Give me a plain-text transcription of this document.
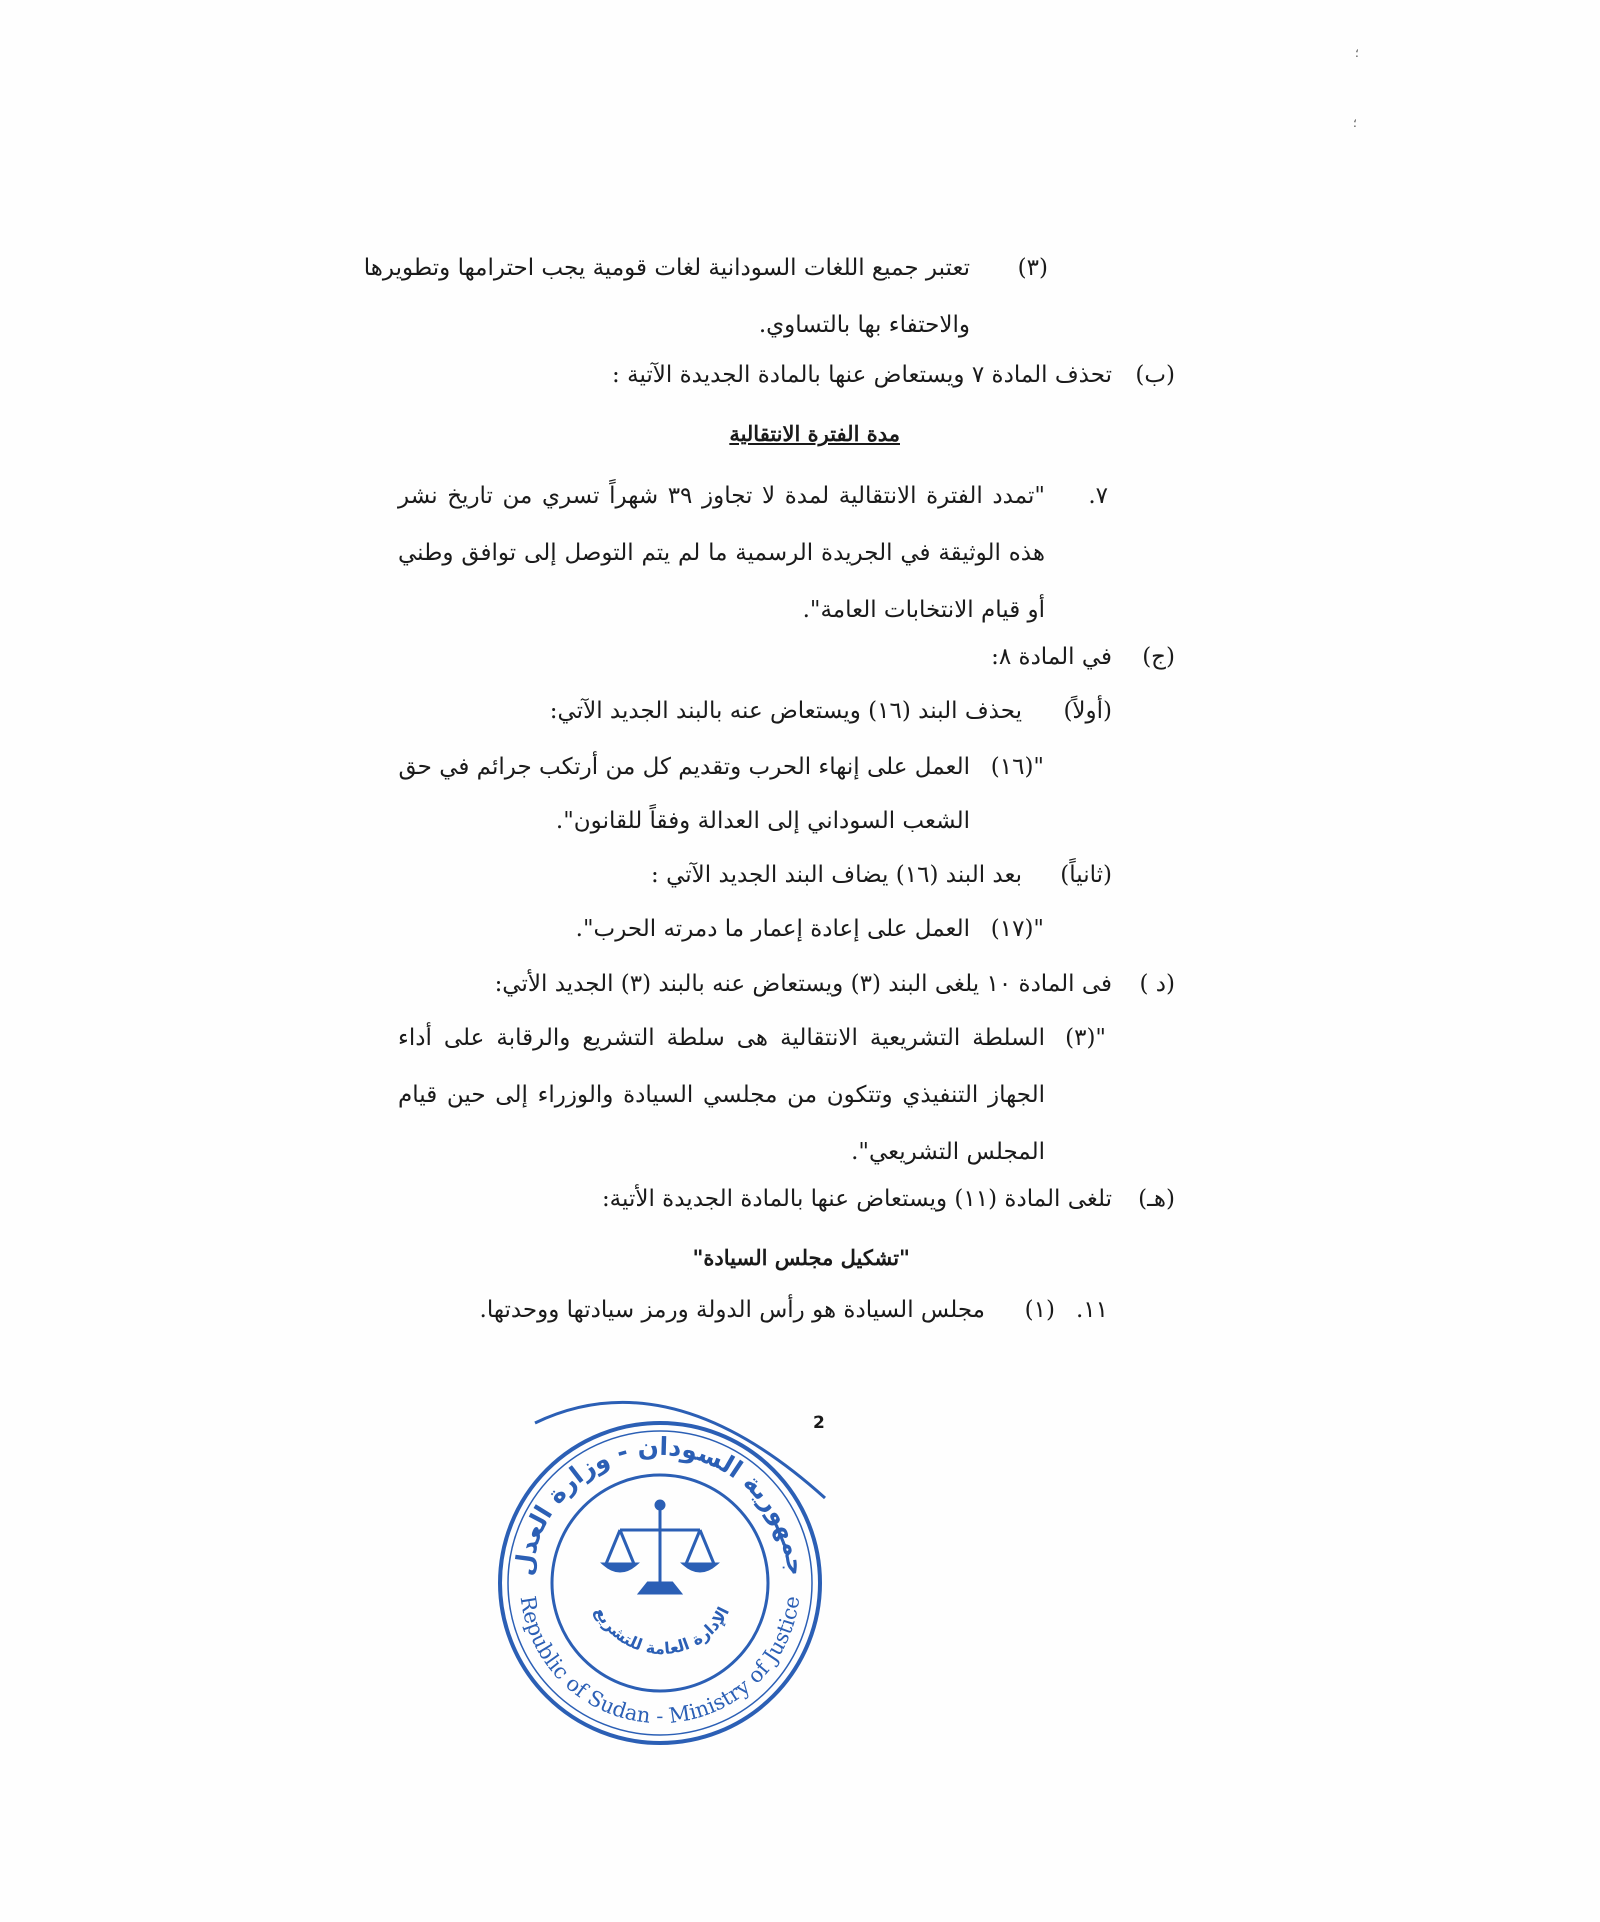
؛
؛
(٣)
تعتبر جميع اللغات السودانية لغات قومية يجب احترامها وتطويرها
والاحتفاء بها بالتساوي.
(ب)
تحذف المادة ٧ ويستعاض عنها بالمادة الجديدة الآتية :
مدة الفترة الانتقالية
٧.
"تمدد الفترة الانتقالية لمدة لا تجاوز ٣٩ شهراً تسري من تاريخ نشر هذه الوثيقة في الجريدة الرسمية ما لم يتم التوصل إلى توافق وطني أو قيام الانتخابات العامة".
(ج)
في المادة ٨:
(أولاً)
يحذف البند (١٦) ويستعاض عنه بالبند الجديد الآتي:
"(١٦)
العمل على إنهاء الحرب وتقديم كل من أرتكب جرائم في حق
الشعب السوداني إلى العدالة وفقاً للقانون".
(ثانياً)
بعد البند (١٦) يضاف البند الجديد الآتي :
"(١٧)
العمل على إعادة إعمار ما دمرته الحرب".
(د )
فى المادة ١٠ يلغى البند (٣) ويستعاض عنه بالبند (٣) الجديد الأتي:
"(٣)
السلطة التشريعية الانتقالية هى سلطة التشريع والرقابة على أداء الجهاز التنفيذي وتتكون من مجلسي السيادة والوزراء إلى حين قيام المجلس التشريعي".
(هـ)
تلغى المادة (١١) ويستعاض عنها بالمادة الجديدة الأتية:
"تشكيل مجلس السيادة"
١١.
(١)
مجلس السيادة هو رأس الدولة ورمز سيادتها ووحدتها.
2
جمهورية السودان - وزارة العدل
Republic of Sudan - Ministry of Justice
الإدارة العامة للتشريع
